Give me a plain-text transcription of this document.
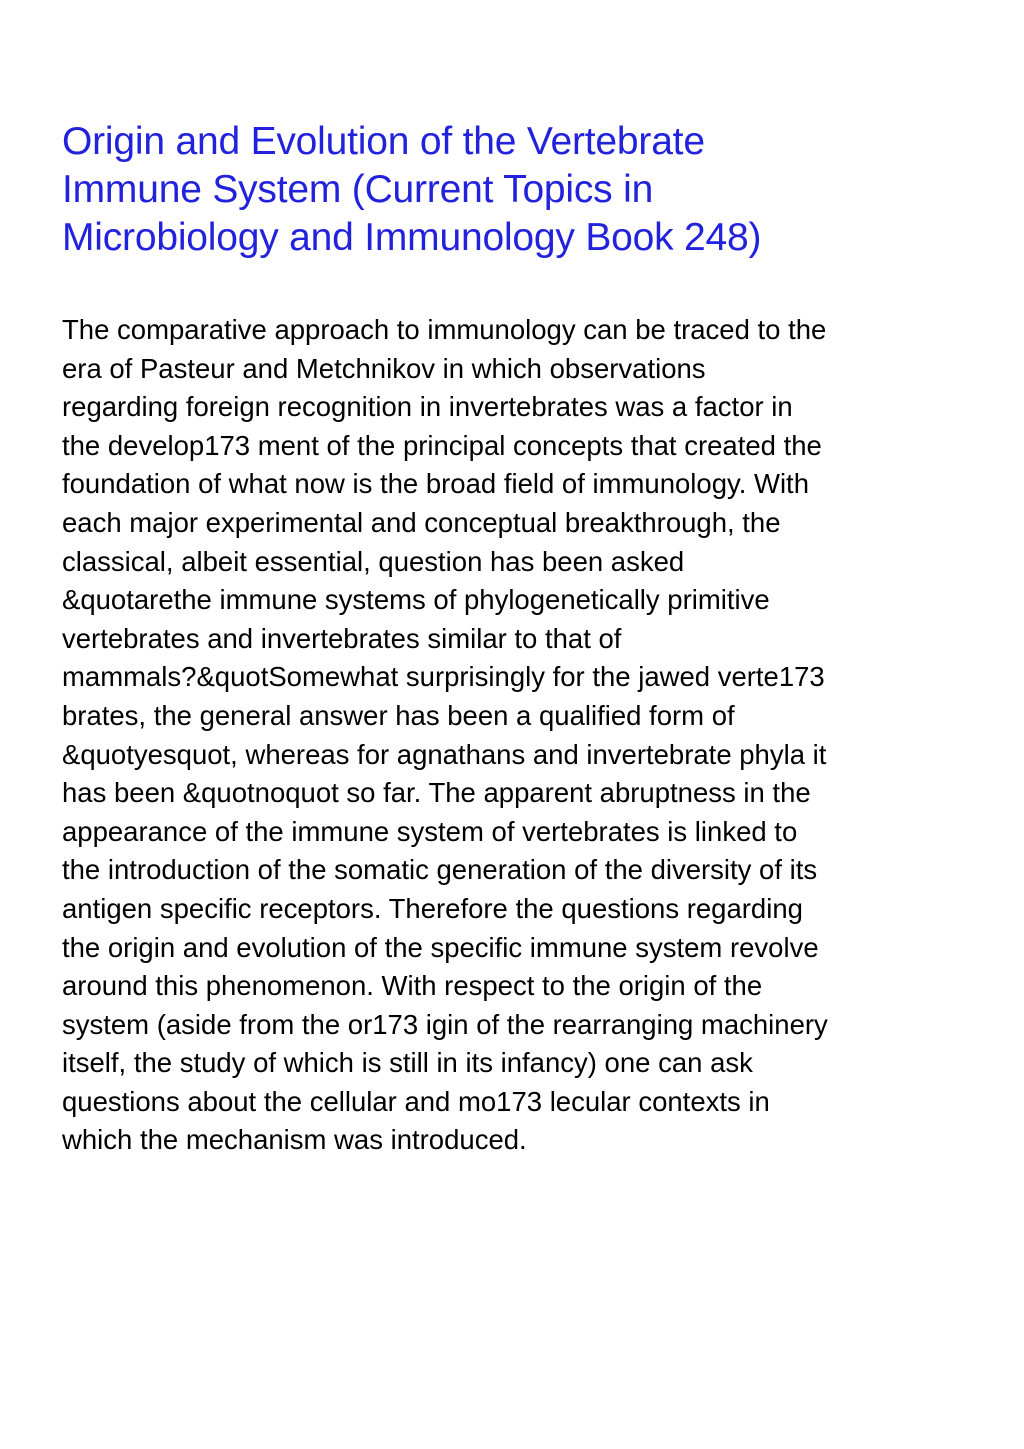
Origin and Evolution of the Vertebrate
Immune System (Current Topics in
Microbiology and Immunology Book 248)

The comparative approach to immunology can be traced to the
era of Pasteur and Metchnikov in which observations
regarding foreign recognition in invertebrates was a factor in
the develop173 ment of the principal concepts that created the
foundation of what now is the broad field of immunology. With
each major experimental and conceptual breakthrough, the
classical, albeit essential, question has been asked
&quotarethe immune systems of phylogenetically primitive
vertebrates and invertebrates similar to that of
mammals?&quotSomewhat surprisingly for the jawed verte173
brates, the general answer has been a qualified form of
&quotyesquot, whereas for agnathans and invertebrate phyla it
has been &quotnoquot so far. The apparent abruptness in the
appearance of the immune system of vertebrates is linked to
the introduction of the somatic generation of the diversity of its
antigen specific receptors. Therefore the questions regarding
the origin and evolution of the specific immune system revolve
around this phenomenon. With respect to the origin of the
system (aside from the or173 igin of the rearranging machinery
itself, the study of which is still in its infancy) one can ask
questions about the cellular and mo173 lecular contexts in
which the mechanism was introduced.
